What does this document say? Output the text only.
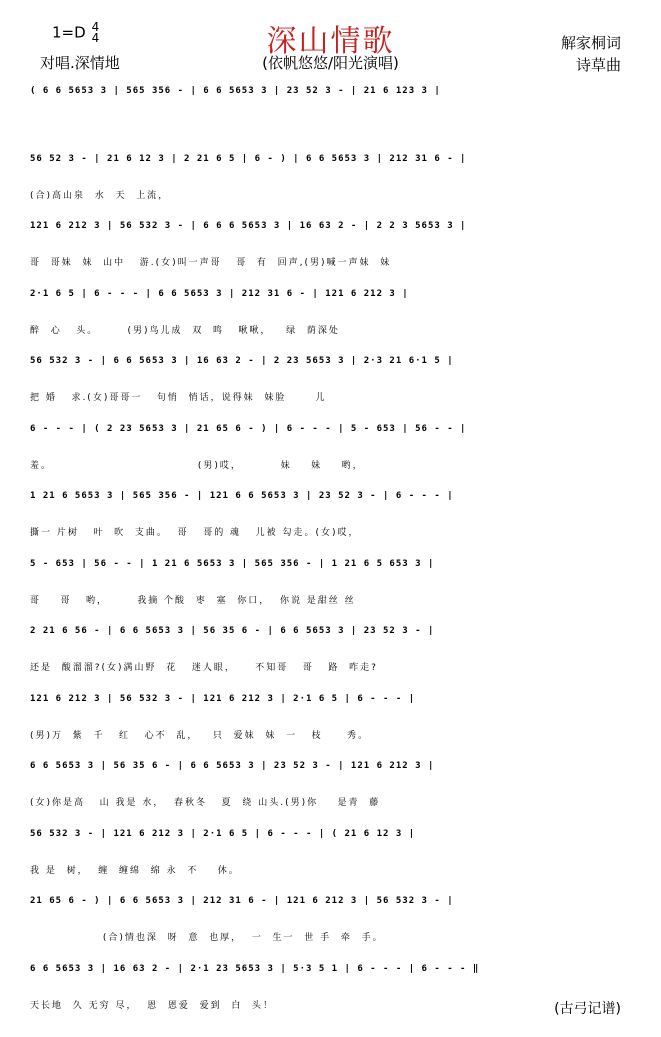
1=D 4
4
对唱.深情地
深山情歌
(依帆悠悠/阳光演唱)
解家桐词
诗草曲
( 6 6 5653 3 | 565 356 - | 6 6 5653 3 | 23 52 3 - | 21 6 123 3 |
56 52 3 - | 21 6 12 3 | 2 21 6 5 | 6 - ) | 6 6 5653 3 | 212 31 6 - |
(合)高山泉  水  天  上流，
121 6 212 3 | 56 532 3 - | 6 6 6 5653 3 | 16 63 2 - | 2 2 3 5653 3 |
哥  哥妹  妹  山中   游.(女)叫一声哥   哥  有  回声,(男)喊一声妹  妹
2·1 6 5 | 6 - - - | 6 6 5653 3 | 212 31 6 - | 121 6 212 3 |
醉  心   头。      (男)鸟儿成  双  鸣   啾啾，   绿  荫深处
56 532 3 - | 6 6 5653 3 | 16 63 2 - | 2 23 5653 3 | 2·3 21 6·1 5 |
把 婚   求.(女)哥哥一   句悄  悄话，说得妹  妹脸      儿
6 - - - | ( 2 23 5653 3 | 21 65 6 - ) | 6 - - - | 5 - 653 | 56 - - |
羞。                              (男)哎，        妹    妹    哟，
1 21 6 5653 3 | 565 356 - | 121 6 6 5653 3 | 23 52 3 - | 6 - - - |
撕一 片树   叶  吹  支曲。  哥   哥的 魂   儿被 勾走。(女)哎，
5 - 653 | 56 - - | 1 21 6 5653 3 | 565 356 - | 1 21 6 5 653 3 |
哥    哥   哟，      我摘 个酸  枣  塞  你口，  你说 是甜丝 丝
2 21 6 56 - | 6 6 5653 3 | 56 35 6 - | 6 6 5653 3 | 23 52 3 - |
还是  酸溜溜?(女)满山野  花   迷人眼，    不知哥   哥   路  咋走?
121 6 212 3 | 56 532 3 - | 121 6 212 3 | 2·1 6 5 | 6 - - - |
(男)万  紫  千   红   心不  乱，   只  爱妹  妹  一   枝     秀。
6 6 5653 3 | 56 35 6 - | 6 6 5653 3 | 23 52 3 - | 121 6 212 3 |
(女)你是高   山 我是 水，  春秋冬   夏  绕 山头.(男)你    是青  藤
56 532 3 - | 121 6 212 3 | 2·1 6 5 | 6 - - - | ( 21 6 12 3 |
我 是  树，  缠  缠绵  绵 永  不    休。
21 65 6 - ) | 6 6 5653 3 | 212 31 6 - | 121 6 212 3 | 56 532 3 - |
(合)情也深  呀  意  也厚，  一  生一  世 手  牵  手。
6 6 5653 3 | 16 63 2 - | 2·1 23 5653 3 | 5·3 5 1 | 6 - - - | 6 - - - ‖
天长地  久 无穷 尽，  恩  恩爱  爱到  白  头！	(古弓记谱)
